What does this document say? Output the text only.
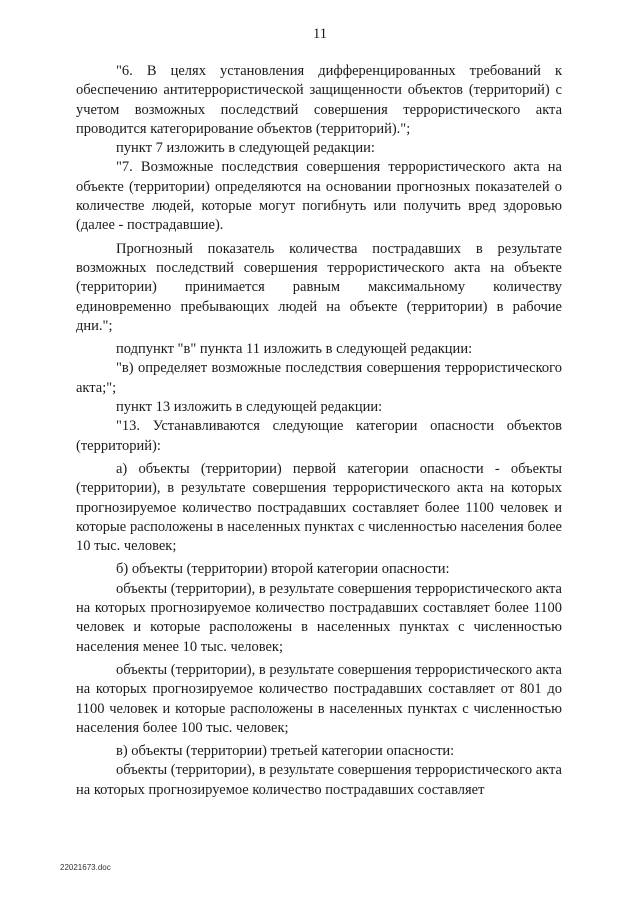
11

"6. В целях установления дифференцированных требований к обеспечению антитеррористической защищенности объектов (территорий) с учетом возможных последствий совершения террористического акта проводится категорирование объектов (территорий).";

пункт 7 изложить в следующей редакции:

"7. Возможные последствия совершения террористического акта на объекте (территории) определяются на основании прогнозных показателей о количестве людей, которые могут погибнуть или получить вред здоровью (далее - пострадавшие).

Прогнозный показатель количества пострадавших в результате возможных последствий совершения террористического акта на объекте (территории) принимается равным максимальному количеству единовременно пребывающих людей на объекте (территории) в рабочие дни.";

подпункт "в" пункта 11 изложить в следующей редакции:

"в) определяет возможные последствия совершения террористического акта;";

пункт 13 изложить в следующей редакции:

"13. Устанавливаются следующие категории опасности объектов (территорий):

а) объекты (территории) первой категории опасности - объекты (территории), в результате совершения террористического акта на которых прогнозируемое количество пострадавших составляет более 1100 человек и которые расположены в населенных пунктах с численностью населения более 10 тыс. человек;

б) объекты (территории) второй категории опасности:

объекты (территории), в результате совершения террористического акта на которых прогнозируемое количество пострадавших составляет более 1100 человек и которые расположены в населенных пунктах с численностью населения менее 10 тыс. человек;

объекты (территории), в результате совершения террористического акта на которых прогнозируемое количество пострадавших составляет от 801 до 1100 человек и которые расположены в населенных пунктах с численностью населения более 100 тыс. человек;

в) объекты (территории) третьей категории опасности:

объекты (территории), в результате совершения террористического акта на которых прогнозируемое количество пострадавших составляет

22021673.doc
